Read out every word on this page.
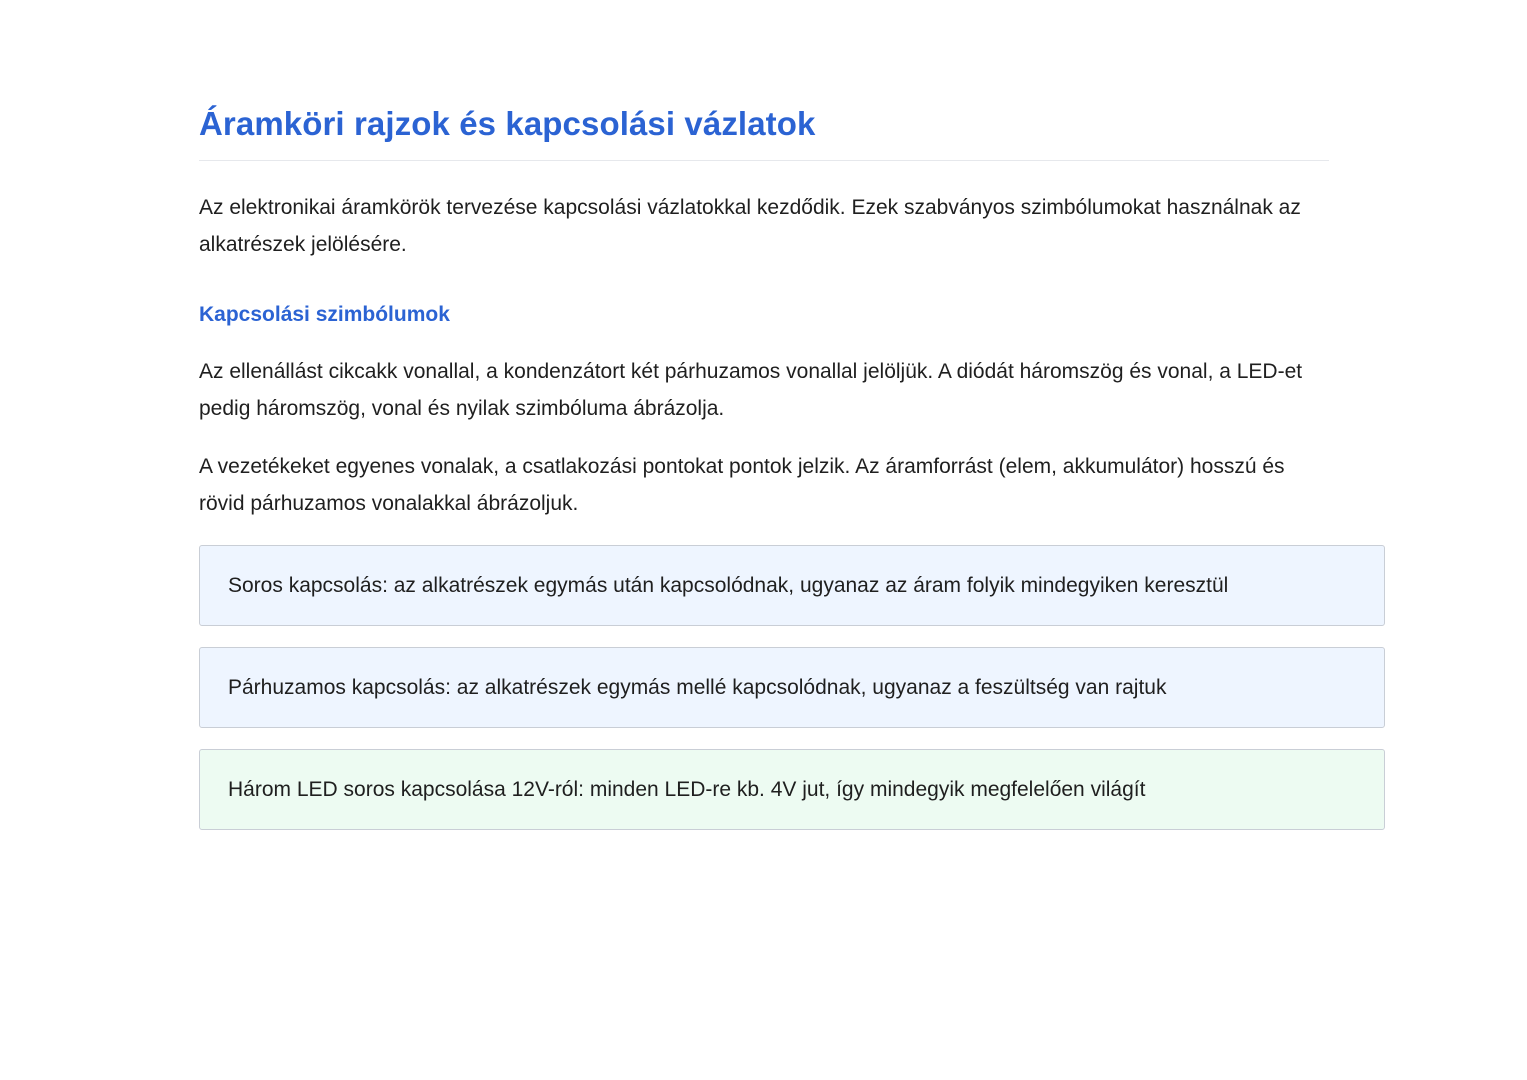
Áramköri rajzok és kapcsolási vázlatok

Az elektronikai áramkörök tervezése kapcsolási vázlatokkal kezdődik. Ezek szabványos szimbólumokat használnak az alkatrészek jelölésére.

Kapcsolási szimbólumok

Az ellenállást cikcakk vonallal, a kondenzátort két párhuzamos vonallal jelöljük. A diódát háromszög és vonal, a LED-et pedig háromszög, vonal és nyilak szimbóluma ábrázolja.

A vezetékeket egyenes vonalak, a csatlakozási pontokat pontok jelzik. Az áramforrást (elem, akkumulátor) hosszú és rövid párhuzamos vonalakkal ábrázoljuk.

Soros kapcsolás: az alkatrészek egymás után kapcsolódnak, ugyanaz az áram folyik mindegyiken keresztül
Párhuzamos kapcsolás: az alkatrészek egymás mellé kapcsolódnak, ugyanaz a feszültség van rajtuk
Három LED soros kapcsolása 12V-ról: minden LED-re kb. 4V jut, így mindegyik megfelelően világít
